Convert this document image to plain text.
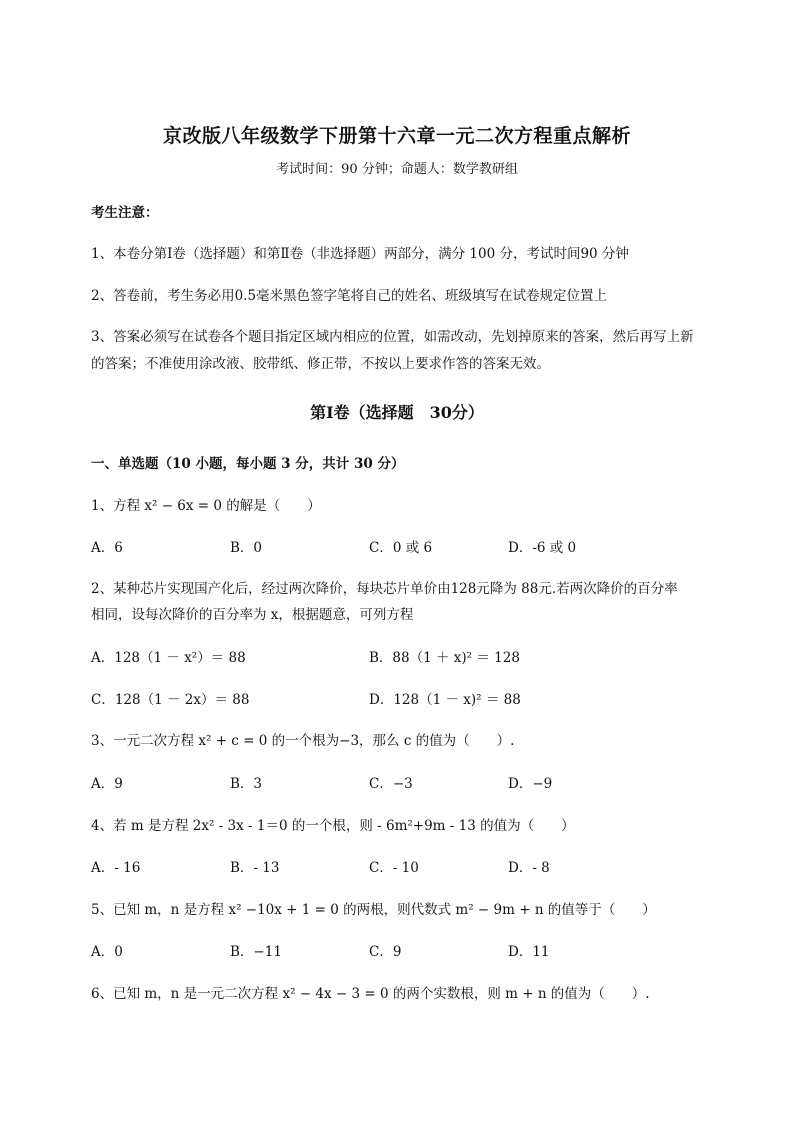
京改版八年级数学下册第十六章一元二次方程重点解析
考试时间：90 分钟；命题人：数学教研组
考生注意：
1、本卷分第Ⅰ卷（选择题）和第Ⅱ卷（非选择题）两部分，满分 100 分，考试时间90 分钟
2、答卷前，考生务必用0.5毫米黑色签字笔将自己的姓名、班级填写在试卷规定位置上
3、答案必须写在试卷各个题目指定区域内相应的位置，如需改动，先划掉原来的答案，然后再写上新
的答案；不准使用涂改液、胶带纸、修正带，不按以上要求作答的答案无效。
第Ⅰ卷（选择题　30分）
一、单选题（10 小题，每小题 3 分，共计 30 分）
1、方程 x² − 6x = 0 的解是（　　）
A．6	B．0	C．0 或 6	D．-6 或 0
2、某种芯片实现国产化后，经过两次降价，每块芯片单价由128元降为 88元.若两次降价的百分率
相同，设每次降价的百分率为 x，根据题意，可列方程
A．128（1 － x²）＝ 88	B．88（1 ＋ x)² ＝ 128
C．128（1 － 2x）＝ 88	D．128（1 － x)² ＝ 88
3、一元二次方程 x² + c = 0 的一个根为−3，那么 c 的值为（　　）.
A．9	B．3	C．−3	D．−9
4、若 m 是方程 2x² - 3x - 1＝0 的一个根，则 - 6m²+9m - 13 的值为（　　）
A．- 16	B．- 13	C．- 10	D．- 8
5、已知 m，n 是方程 x² −10x + 1 = 0 的两根，则代数式 m² − 9m + n 的值等于（　　）
A．0	B．−11	C．9	D．11
6、已知 m，n 是一元二次方程 x² − 4x − 3 = 0 的两个实数根，则 m + n 的值为（　　）.
